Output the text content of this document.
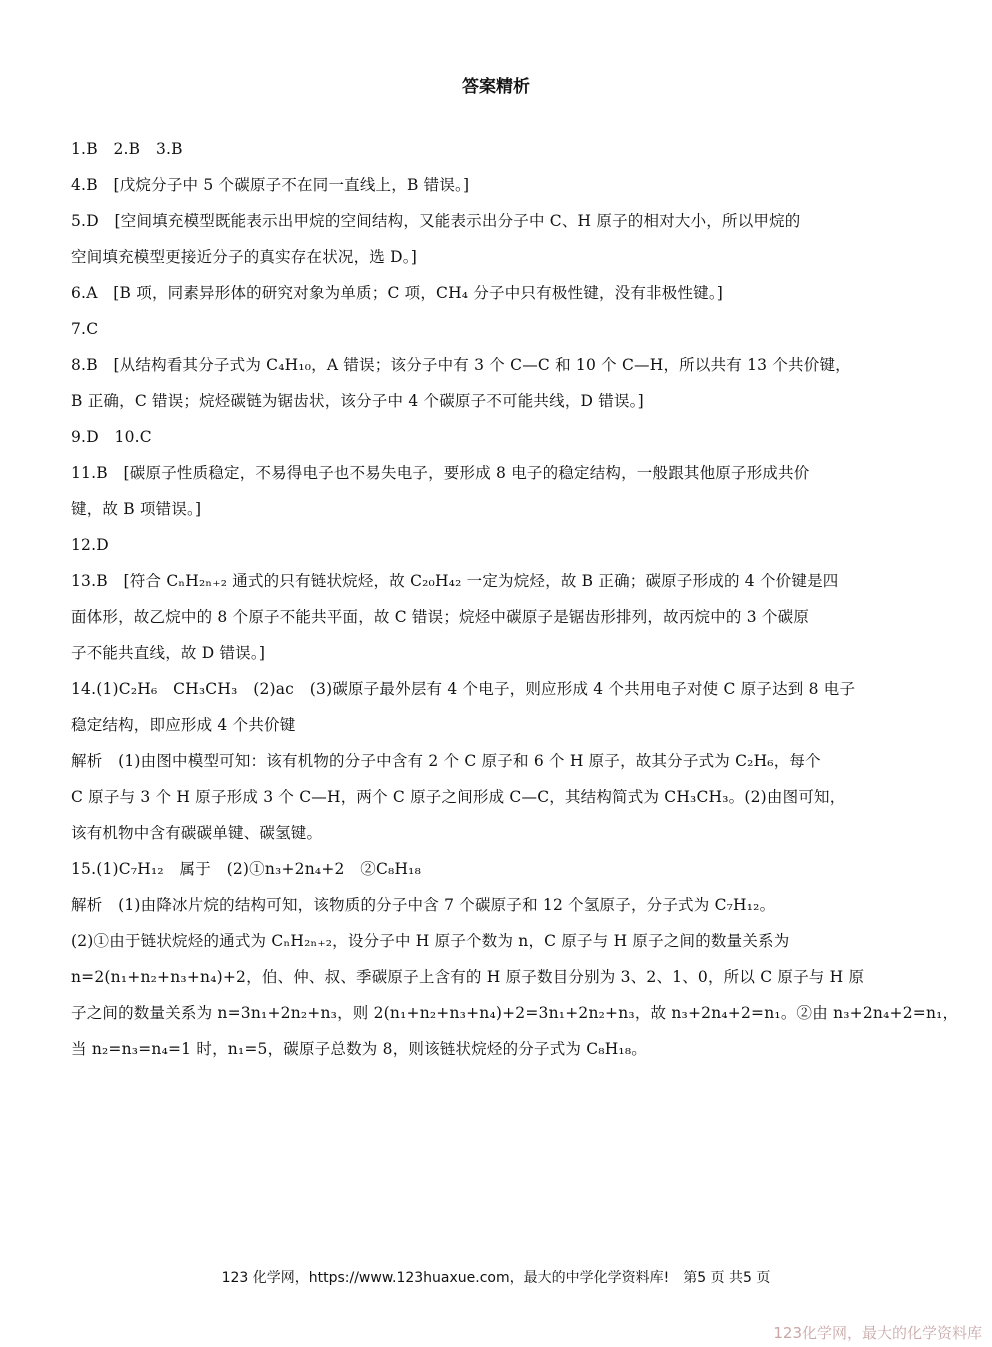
答案精析
1.B　2.B　3.B
4.B　[戊烷分子中 5 个碳原子不在同一直线上，B 错误。]
5.D　[空间填充模型既能表示出甲烷的空间结构，又能表示出分子中 C、H 原子的相对大小，所以甲烷的
空间填充模型更接近分子的真实存在状况，选 D。]
6.A　[B 项，同素异形体的研究对象为单质；C 项，CH₄ 分子中只有极性键，没有非极性键。]
7.C
8.B　[从结构看其分子式为 C₄H₁₀，A 错误；该分子中有 3 个 C—C 和 10 个 C—H，所以共有 13 个共价键，
B 正确，C 错误；烷烃碳链为锯齿状，该分子中 4 个碳原子不可能共线，D 错误。]
9.D　10.C
11.B　[碳原子性质稳定，不易得电子也不易失电子，要形成 8 电子的稳定结构，一般跟其他原子形成共价
键，故 B 项错误。]
12.D
13.B　[符合 CₙH₂ₙ₊₂ 通式的只有链状烷烃，故 C₂₀H₄₂ 一定为烷烃，故 B 正确；碳原子形成的 4 个价键是四
面体形，故乙烷中的 8 个原子不能共平面，故 C 错误；烷烃中碳原子是锯齿形排列，故丙烷中的 3 个碳原
子不能共直线，故 D 错误。]
14.(1)C₂H₆　CH₃CH₃　(2)ac　(3)碳原子最外层有 4 个电子，则应形成 4 个共用电子对使 C 原子达到 8 电子
稳定结构，即应形成 4 个共价键
解析　(1)由图中模型可知：该有机物的分子中含有 2 个 C 原子和 6 个 H 原子，故其分子式为 C₂H₆，每个
C 原子与 3 个 H 原子形成 3 个 C—H，两个 C 原子之间形成 C—C，其结构简式为 CH₃CH₃。(2)由图可知，
该有机物中含有碳碳单键、碳氢键。
15.(1)C₇H₁₂　属于　(2)①n₃+2n₄+2　②C₈H₁₈
解析　(1)由降冰片烷的结构可知，该物质的分子中含 7 个碳原子和 12 个氢原子，分子式为 C₇H₁₂。
(2)①由于链状烷烃的通式为 CₙH₂ₙ₊₂，设分子中 H 原子个数为 n，C 原子与 H 原子之间的数量关系为
n=2(n₁+n₂+n₃+n₄)+2，伯、仲、叔、季碳原子上含有的 H 原子数目分别为 3、2、1、0，所以 C 原子与 H 原
子之间的数量关系为 n=3n₁+2n₂+n₃，则 2(n₁+n₂+n₃+n₄)+2=3n₁+2n₂+n₃，故 n₃+2n₄+2=n₁。②由 n₃+2n₄+2=n₁，
当 n₂=n₃=n₄=1 时，n₁=5，碳原子总数为 8，则该链状烷烃的分子式为 C₈H₁₈。
123 化学网，https://www.123huaxue.com，最大的中学化学资料库!　第5 页 共5 页
123化学网，最大的化学资料库
